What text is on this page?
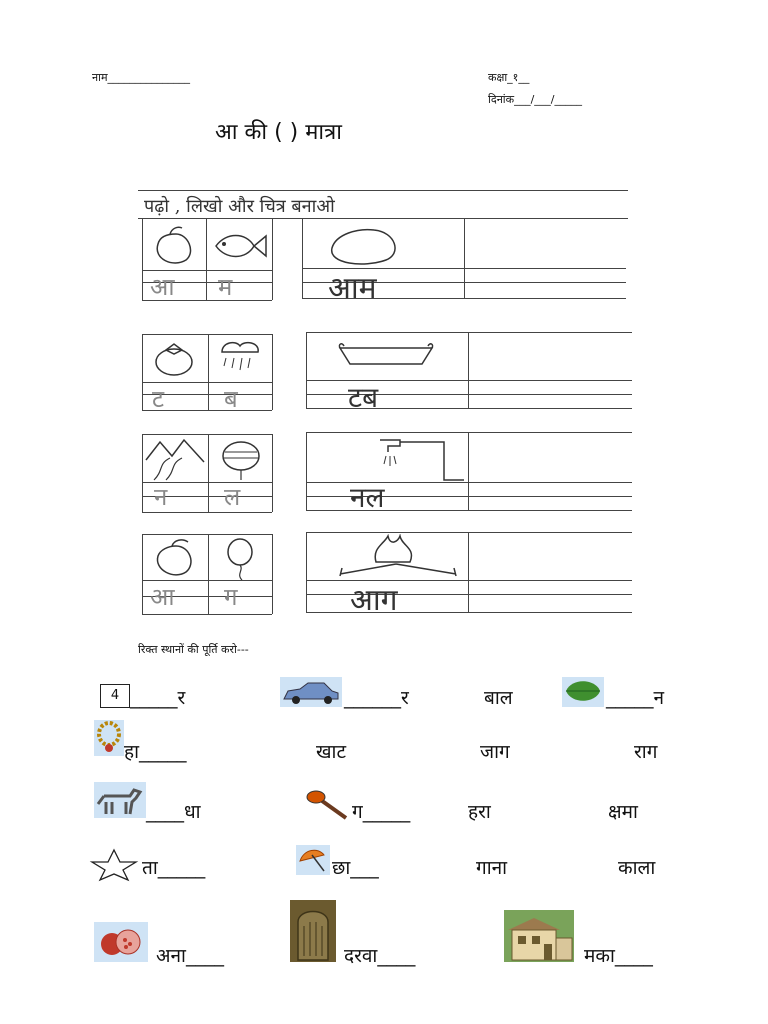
नाम_______________	कक्षा_१__
दिनांक___/___/_____
आ की ( ) मात्रा
पढ़ो , लिखो और चित्र बनाओ
आ म	आम
ट ब	टब
न ल	नल
आ ग	आग
रिक्त स्थानों की पूर्ति करो---
4 _____र	______र	बाल	_____न
हा_____	खाट	जाग	राग
____धा	ग_____	हरा	क्षमा
ता_____	छा___	गाना	काला
अना____	दरवा____	मका____
